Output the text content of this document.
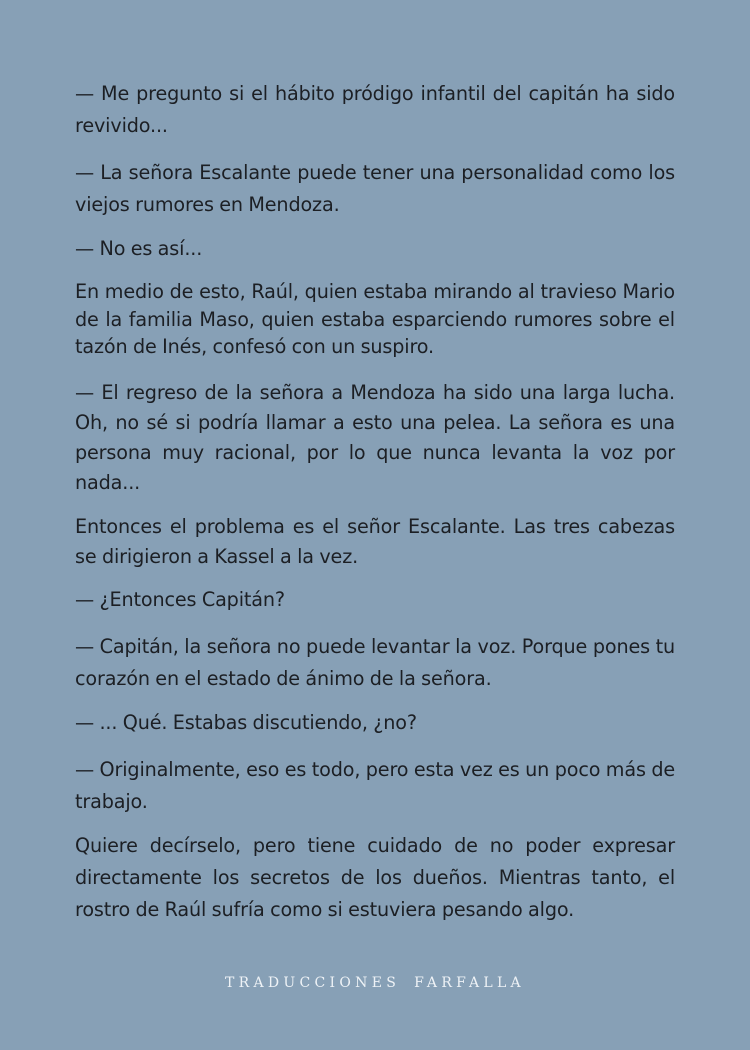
— Me pregunto si el hábito pródigo infantil del capitán ha sido revivido...

— La señora Escalante puede tener una personalidad como los viejos rumores en Mendoza.

— No es así...

En medio de esto, Raúl, quien estaba mirando al travieso Mario de la familia Maso, quien estaba esparciendo rumores sobre el tazón de Inés, confesó con un suspiro.

— El regreso de la señora a Mendoza ha sido una larga lucha. Oh, no sé si podría llamar a esto una pelea. La señora es una persona muy racional, por lo que nunca levanta la voz por nada...

Entonces el problema es el señor Escalante. Las tres cabezas se dirigieron a Kassel a la vez.

— ¿Entonces Capitán?

— Capitán, la señora no puede levantar la voz. Porque pones tu corazón en el estado de ánimo de la señora.

— ... Qué. Estabas discutiendo, ¿no?

— Originalmente, eso es todo, pero esta vez es un poco más de trabajo.

Quiere decírselo, pero tiene cuidado de no poder expresar directamente los secretos de los dueños. Mientras tanto, el rostro de Raúl sufría como si estuviera pesando algo.

TRADUCCIONES FARFALLA
